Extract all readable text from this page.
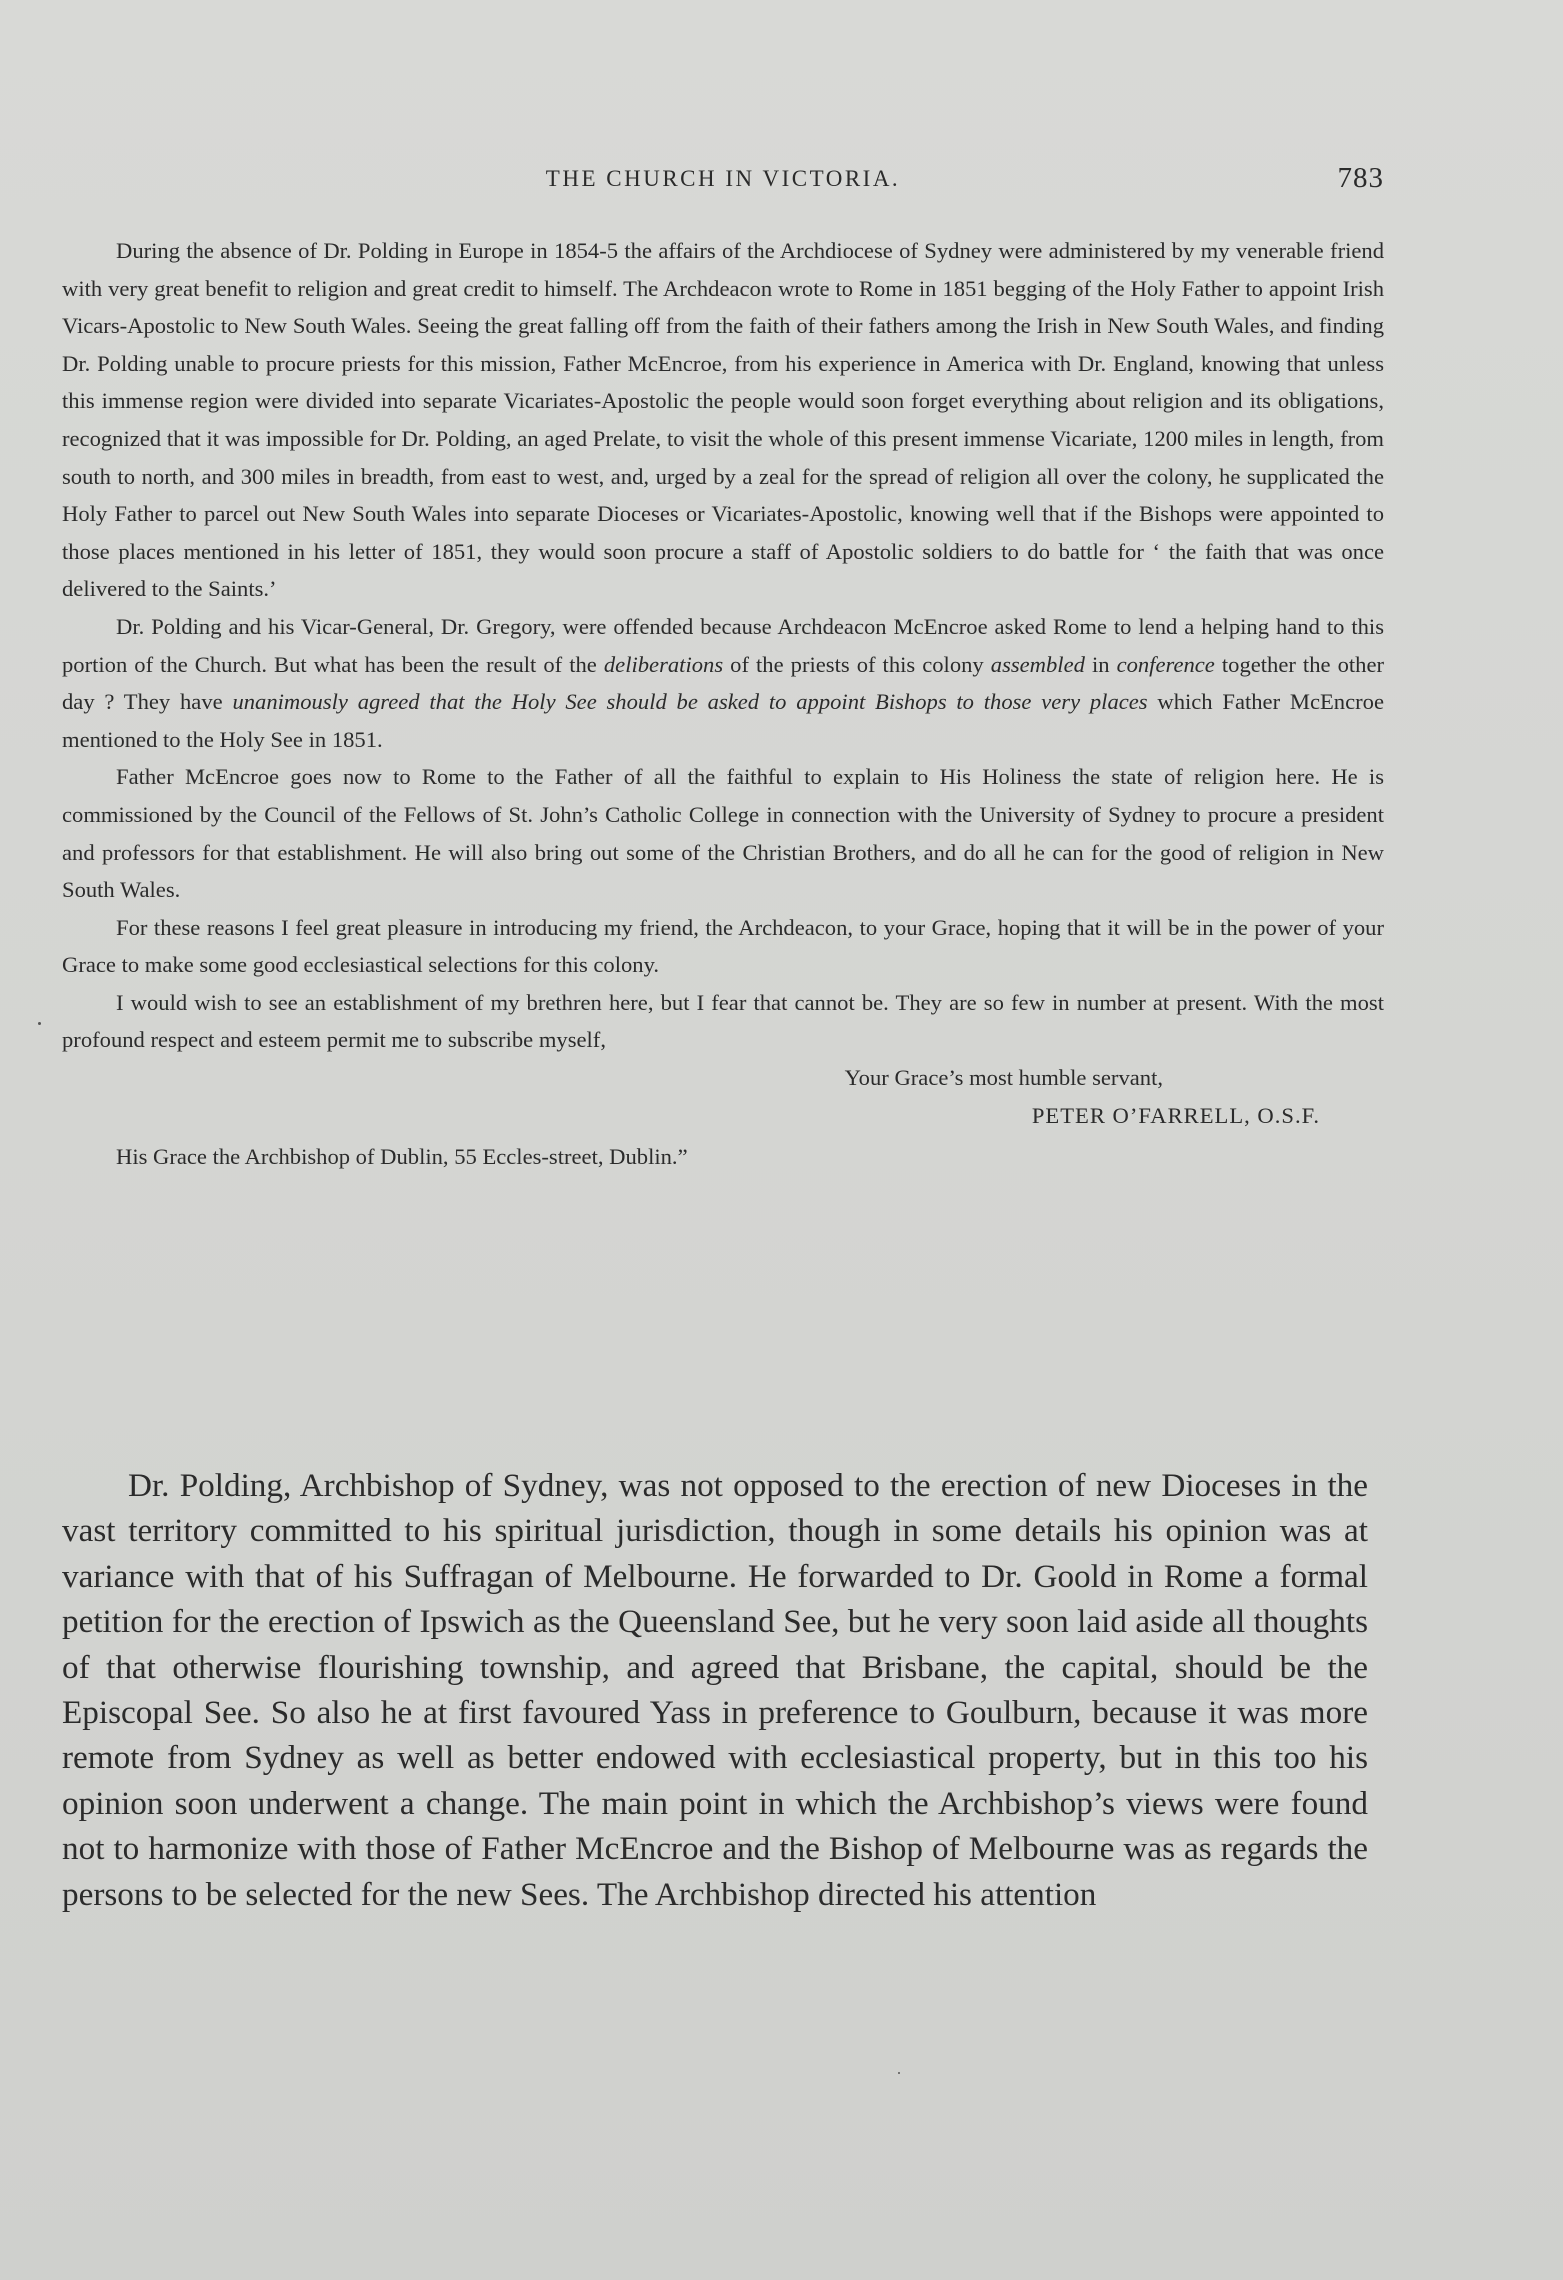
THE CHURCH IN VICTORIA.	783

During the absence of Dr. Polding in Europe in 1854-5 the affairs of the Archdiocese of Sydney were administered by my venerable friend with very great benefit to religion and great credit to himself. The Archdeacon wrote to Rome in 1851 begging of the Holy Father to appoint Irish Vicars-Apostolic to New South Wales. Seeing the great falling off from the faith of their fathers among the Irish in New South Wales, and finding Dr. Polding unable to procure priests for this mission, Father McEncroe, from his experience in America with Dr. England, knowing that unless this immense region were divided into separate Vicariates-Apostolic the people would soon forget everything about religion and its obligations, recognized that it was impossible for Dr. Polding, an aged Prelate, to visit the whole of this present immense Vicariate, 1200 miles in length, from south to north, and 300 miles in breadth, from east to west, and, urged by a zeal for the spread of religion all over the colony, he supplicated the Holy Father to parcel out New South Wales into separate Dioceses or Vicariates-Apostolic, knowing well that if the Bishops were appointed to those places mentioned in his letter of 1851, they would soon procure a staff of Apostolic soldiers to do battle for ‘ the faith that was once delivered to the Saints.’

Dr. Polding and his Vicar-General, Dr. Gregory, were offended because Archdeacon McEncroe asked Rome to lend a helping hand to this portion of the Church. But what has been the result of the deliberations of the priests of this colony assembled in conference together the other day ? They have unanimously agreed that the Holy See should be asked to appoint Bishops to those very places which Father McEncroe mentioned to the Holy See in 1851.

Father McEncroe goes now to Rome to the Father of all the faithful to explain to His Holiness the state of religion here. He is commissioned by the Council of the Fellows of St. John’s Catholic College in connection with the University of Sydney to procure a president and professors for that establishment. He will also bring out some of the Christian Brothers, and do all he can for the good of religion in New South Wales.

For these reasons I feel great pleasure in introducing my friend, the Archdeacon, to your Grace, hoping that it will be in the power of your Grace to make some good ecclesiastical selections for this colony.

I would wish to see an establishment of my brethren here, but I fear that cannot be. They are so few in number at present. With the most profound respect and esteem permit me to subscribe myself,

Your Grace’s most humble servant,
PETER O’FARRELL, O.S.F.

His Grace the Archbishop of Dublin, 55 Eccles-street, Dublin.”

Dr. Polding, Archbishop of Sydney, was not opposed to the erection of new Dioceses in the vast territory committed to his spiritual jurisdiction, though in some details his opinion was at variance with that of his Suffragan of Melbourne. He forwarded to Dr. Goold in Rome a formal petition for the erection of Ipswich as the Queensland See, but he very soon laid aside all thoughts of that otherwise flourishing township, and agreed that Brisbane, the capital, should be the Episcopal See. So also he at first favoured Yass in preference to Goulburn, because it was more remote from Sydney as well as better endowed with ecclesiastical property, but in this too his opinion soon underwent a change. The main point in which the Archbishop’s views were found not to harmonize with those of Father McEncroe and the Bishop of Melbourne was as regards the persons to be selected for the new Sees. The Archbishop directed his attention
